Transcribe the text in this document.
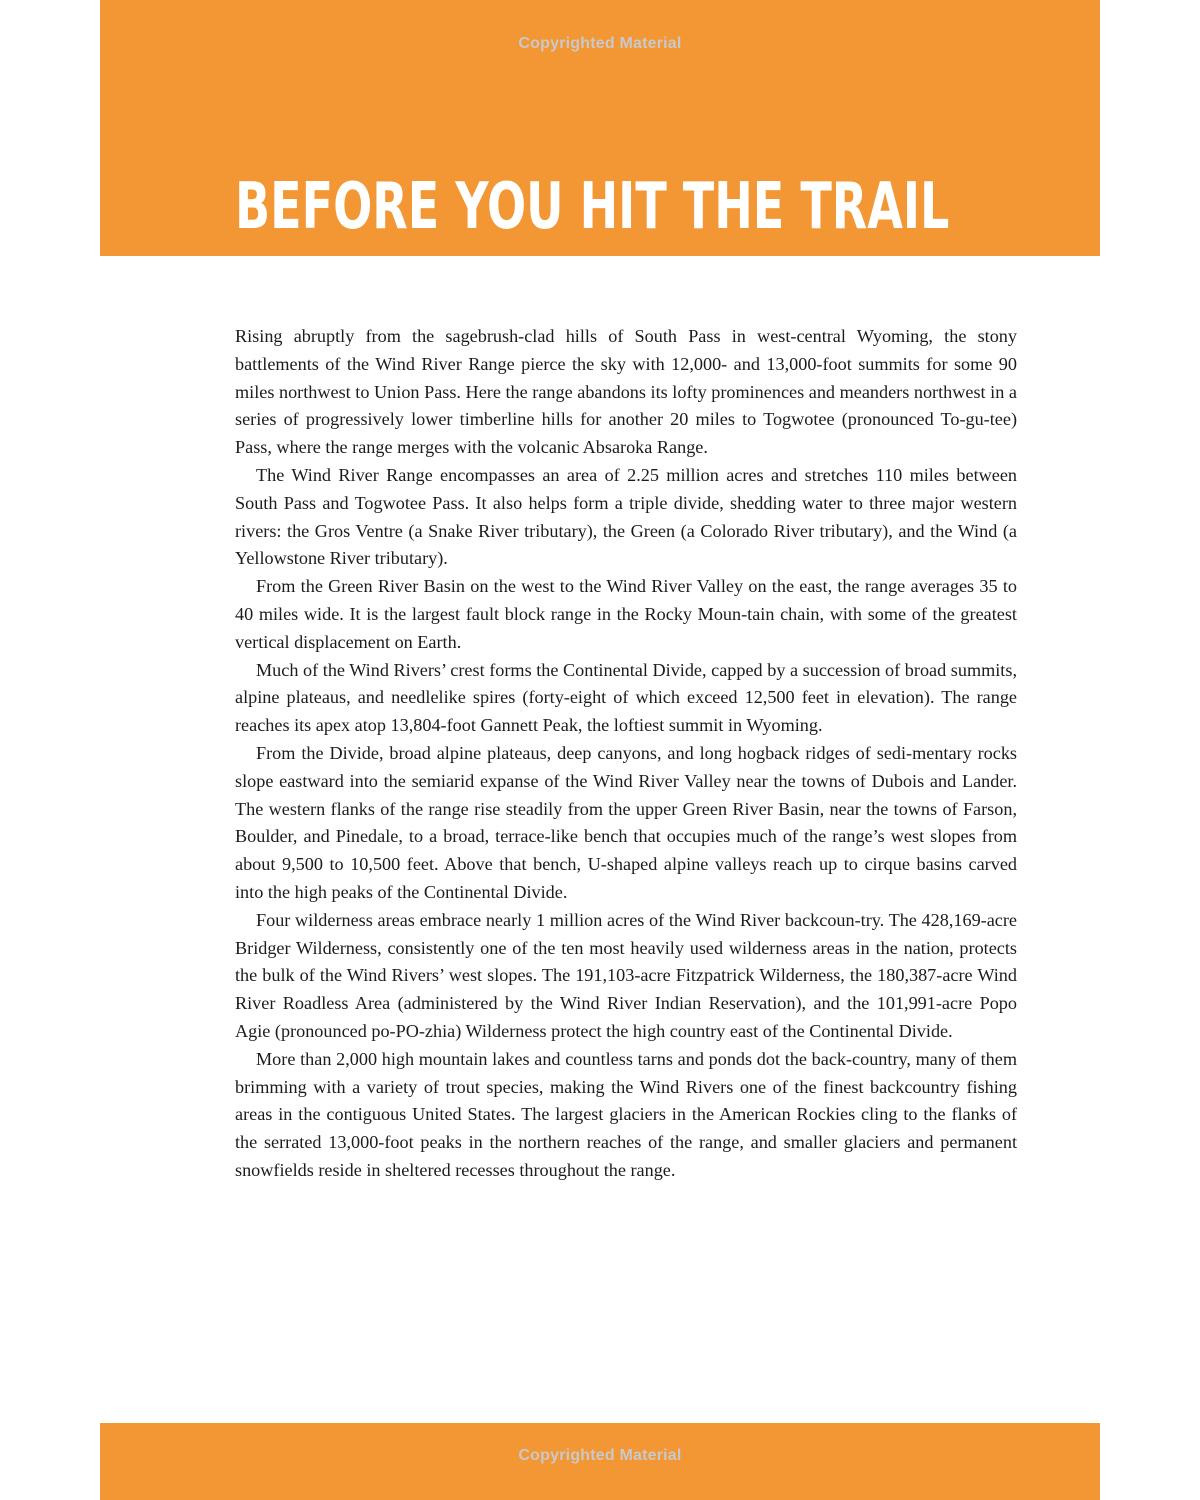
Copyrighted Material
BEFORE YOU HIT THE TRAIL

Rising abruptly from the sagebrush-clad hills of South Pass in west-central Wyoming, the stony battlements of the Wind River Range pierce the sky with 12,000- and 13,000-foot summits for some 90 miles northwest to Union Pass. Here the range abandons its lofty prominences and meanders northwest in a series of progressively lower timberline hills for another 20 miles to Togwotee (pronounced To-gu-tee) Pass, where the range merges with the volcanic Absaroka Range.

The Wind River Range encompasses an area of 2.25 million acres and stretches 110 miles between South Pass and Togwotee Pass. It also helps form a triple divide, shedding water to three major western rivers: the Gros Ventre (a Snake River tributary), the Green (a Colorado River tributary), and the Wind (a Yellowstone River tributary).

From the Green River Basin on the west to the Wind River Valley on the east, the range averages 35 to 40 miles wide. It is the largest fault block range in the Rocky Moun-tain chain, with some of the greatest vertical displacement on Earth.

Much of the Wind Rivers’ crest forms the Continental Divide, capped by a succession of broad summits, alpine plateaus, and needlelike spires (forty-eight of which exceed 12,500 feet in elevation). The range reaches its apex atop 13,804-foot Gannett Peak, the loftiest summit in Wyoming.

From the Divide, broad alpine plateaus, deep canyons, and long hogback ridges of sedi-mentary rocks slope eastward into the semiarid expanse of the Wind River Valley near the towns of Dubois and Lander. The western flanks of the range rise steadily from the upper Green River Basin, near the towns of Farson, Boulder, and Pinedale, to a broad, terrace-like bench that occupies much of the range’s west slopes from about 9,500 to 10,500 feet. Above that bench, U-shaped alpine valleys reach up to cirque basins carved into the high peaks of the Continental Divide.

Four wilderness areas embrace nearly 1 million acres of the Wind River backcoun-try. The 428,169-acre Bridger Wilderness, consistently one of the ten most heavily used wilderness areas in the nation, protects the bulk of the Wind Rivers’ west slopes. The 191,103-acre Fitzpatrick Wilderness, the 180,387-acre Wind River Roadless Area (administered by the Wind River Indian Reservation), and the 101,991-acre Popo Agie (pronounced po-PO-zhia) Wilderness protect the high country east of the Continental Divide.

More than 2,000 high mountain lakes and countless tarns and ponds dot the back-country, many of them brimming with a variety of trout species, making the Wind Rivers one of the finest backcountry fishing areas in the contiguous United States. The largest glaciers in the American Rockies cling to the flanks of the serrated 13,000-foot peaks in the northern reaches of the range, and smaller glaciers and permanent snowfields reside in sheltered recesses throughout the range.

Copyrighted Material
